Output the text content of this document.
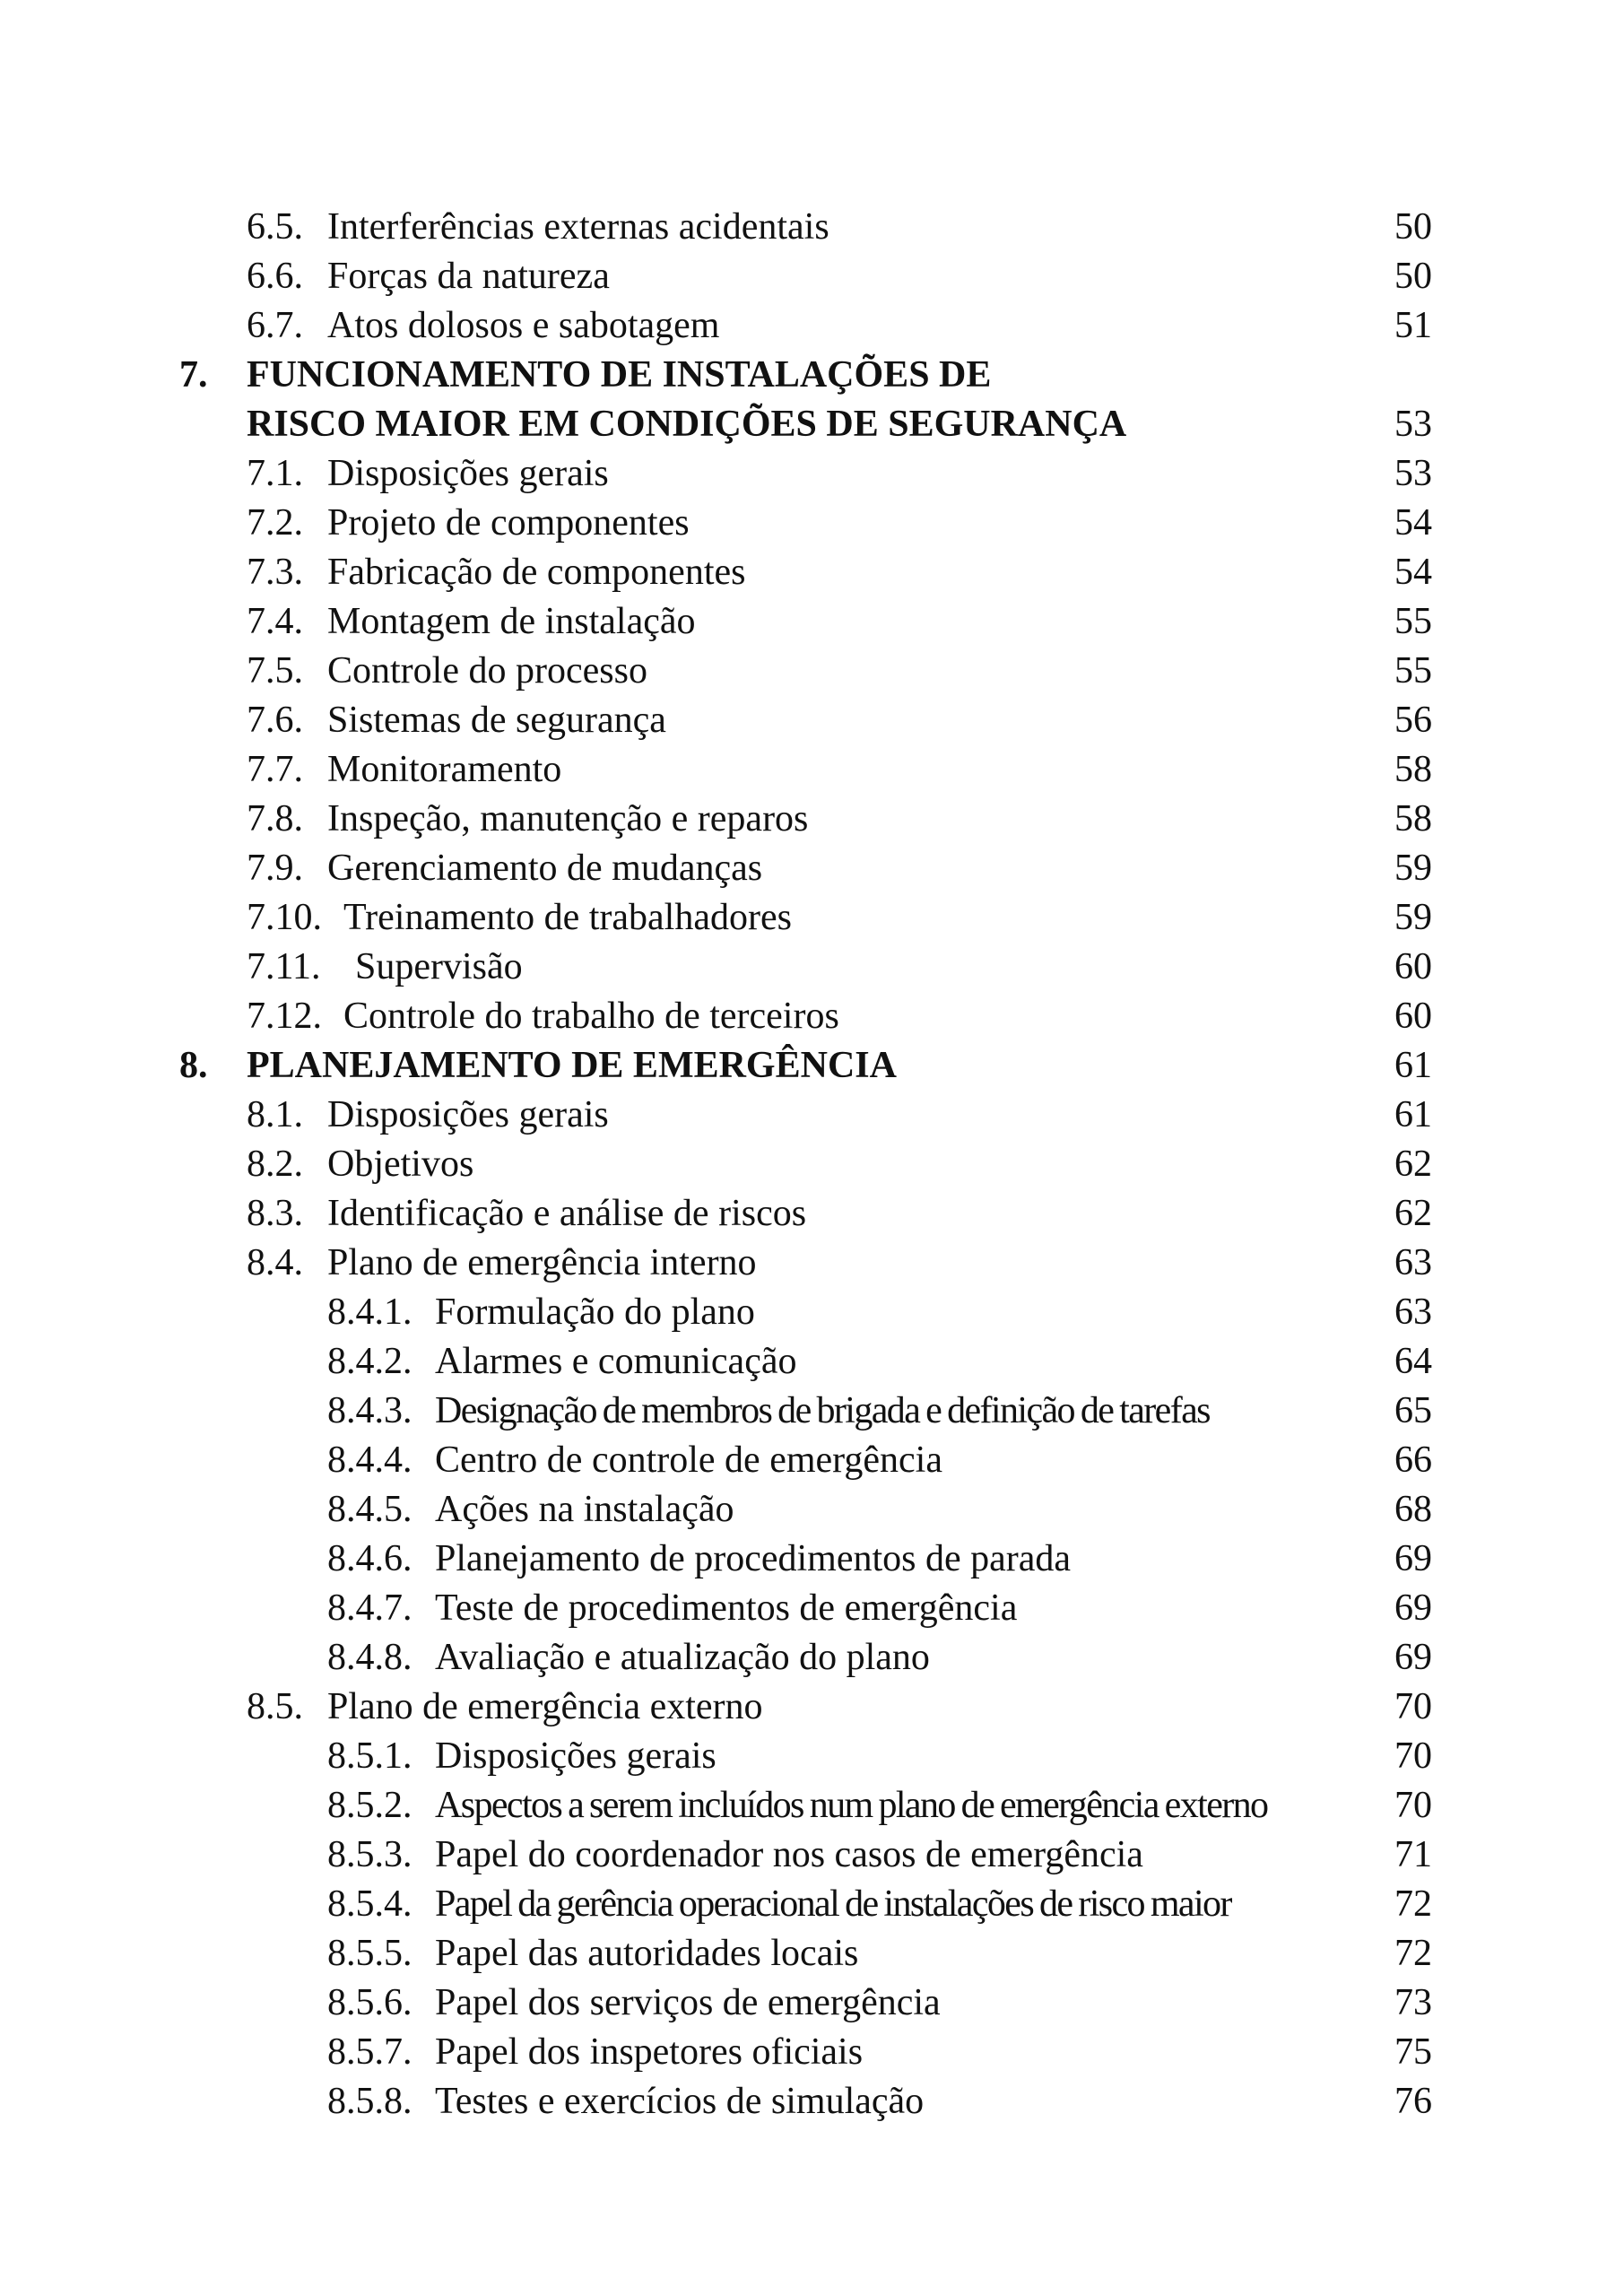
6.5. Interferências externas acidentais	50
6.6. Forças da natureza	50
6.7. Atos dolosos e sabotagem	51
7. FUNCIONAMENTO DE INSTALAÇÕES DE
RISCO MAIOR EM CONDIÇÕES DE SEGURANÇA	53
7.1. Disposições gerais	53
7.2. Projeto de componentes	54
7.3. Fabricação de componentes	54
7.4. Montagem de instalação	55
7.5. Controle do processo	55
7.6. Sistemas de segurança	56
7.7. Monitoramento	58
7.8. Inspeção, manutenção e reparos	58
7.9. Gerenciamento de mudanças	59
7.10. Treinamento de trabalhadores	59
7.11. Supervisão	60
7.12. Controle do trabalho de terceiros	60
8. PLANEJAMENTO DE EMERGÊNCIA	61
8.1. Disposições gerais	61
8.2. Objetivos	62
8.3. Identificação e análise de riscos	62
8.4. Plano de emergência interno	63
8.4.1. Formulação do plano	63
8.4.2. Alarmes e comunicação	64
8.4.3. Designação de membros de brigada e definição de tarefas	65
8.4.4. Centro de controle de emergência	66
8.4.5. Ações na instalação	68
8.4.6. Planejamento de procedimentos de parada	69
8.4.7. Teste de procedimentos de emergência	69
8.4.8. Avaliação e atualização do plano	69
8.5. Plano de emergência externo	70
8.5.1. Disposições gerais	70
8.5.2. Aspectos a serem incluídos num plano de emergência externo	70
8.5.3. Papel do coordenador nos casos de emergência	71
8.5.4. Papel da gerência operacional de instalações de risco maior	72
8.5.5. Papel das autoridades locais	72
8.5.6. Papel dos serviços de emergência	73
8.5.7. Papel dos inspetores oficiais	75
8.5.8. Testes e exercícios de simulação	76
